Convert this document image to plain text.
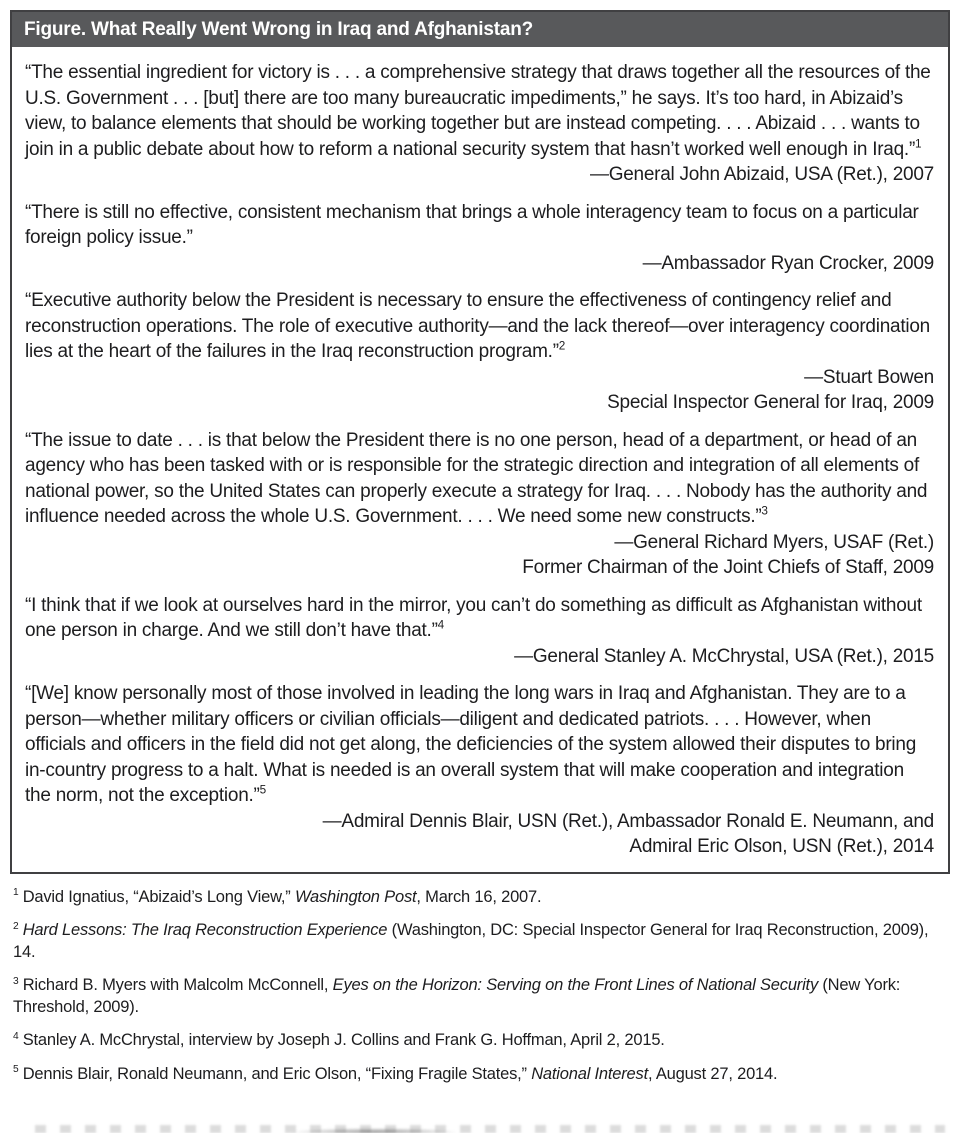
Figure. What Really Went Wrong in Iraq and Afghanistan?

“The essential ingredient for victory is . . . a comprehensive strategy that draws together all the resources of the U.S. Government . . . [but] there are too many bureaucratic impediments,” he says. It’s too hard, in Abizaid’s view, to balance elements that should be working together but are instead competing. . . . Abizaid . . . wants to join in a public debate about how to reform a national security system that hasn’t worked well enough in Iraq.”$^1$

—General John Abizaid, USA (Ret.), 2007

“There is still no effective, consistent mechanism that brings a whole interagency team to focus on a particular foreign policy issue.”

—Ambassador Ryan Crocker, 2009

“Executive authority below the President is necessary to ensure the effectiveness of contingency relief and reconstruction operations. The role of executive authority—and the lack thereof—over interagency coordination lies at the heart of the failures in the Iraq reconstruction program.”$^2$

—Stuart Bowen

Special Inspector General for Iraq, 2009

“The issue to date . . . is that below the President there is no one person, head of a department, or head of an agency who has been tasked with or is responsible for the strategic direction and integration of all elements of national power, so the United States can properly execute a strategy for Iraq. . . . Nobody has the authority and influence needed across the whole U.S. Government. . . . We need some new constructs.”$^3$

—General Richard Myers, USAF (Ret.)

Former Chairman of the Joint Chiefs of Staff, 2009

“I think that if we look at ourselves hard in the mirror, you can’t do something as difficult as Afghanistan without one person in charge. And we still don’t have that.”$^4$

—General Stanley A. McChrystal, USA (Ret.), 2015

“[We] know personally most of those involved in leading the long wars in Iraq and Afghanistan. They are to a person—whether military officers or civilian officials—diligent and dedicated patriots. . . . However, when officials and officers in the field did not get along, the deficiencies of the system allowed their disputes to bring in-country progress to a halt. What is needed is an overall system that will make cooperation and integration the norm, not the exception.”$^5$

—Admiral Dennis Blair, USN (Ret.), Ambassador Ronald E. Neumann, and

Admiral Eric Olson, USN (Ret.), 2014

$^1$ David Ignatius, “Abizaid’s Long View,” Washington Post, March 16, 2007.

$^2$ Hard Lessons: The Iraq Reconstruction Experience (Washington, DC: Special Inspector General for Iraq Reconstruction, 2009), 14.

$^3$ Richard B. Myers with Malcolm McConnell, Eyes on the Horizon: Serving on the Front Lines of National Security (New York: Threshold, 2009).

$^4$ Stanley A. McChrystal, interview by Joseph J. Collins and Frank G. Hoffman, April 2, 2015.

$^5$ Dennis Blair, Ronald Neumann, and Eric Olson, “Fixing Fragile States,” National Interest, August 27, 2014.
